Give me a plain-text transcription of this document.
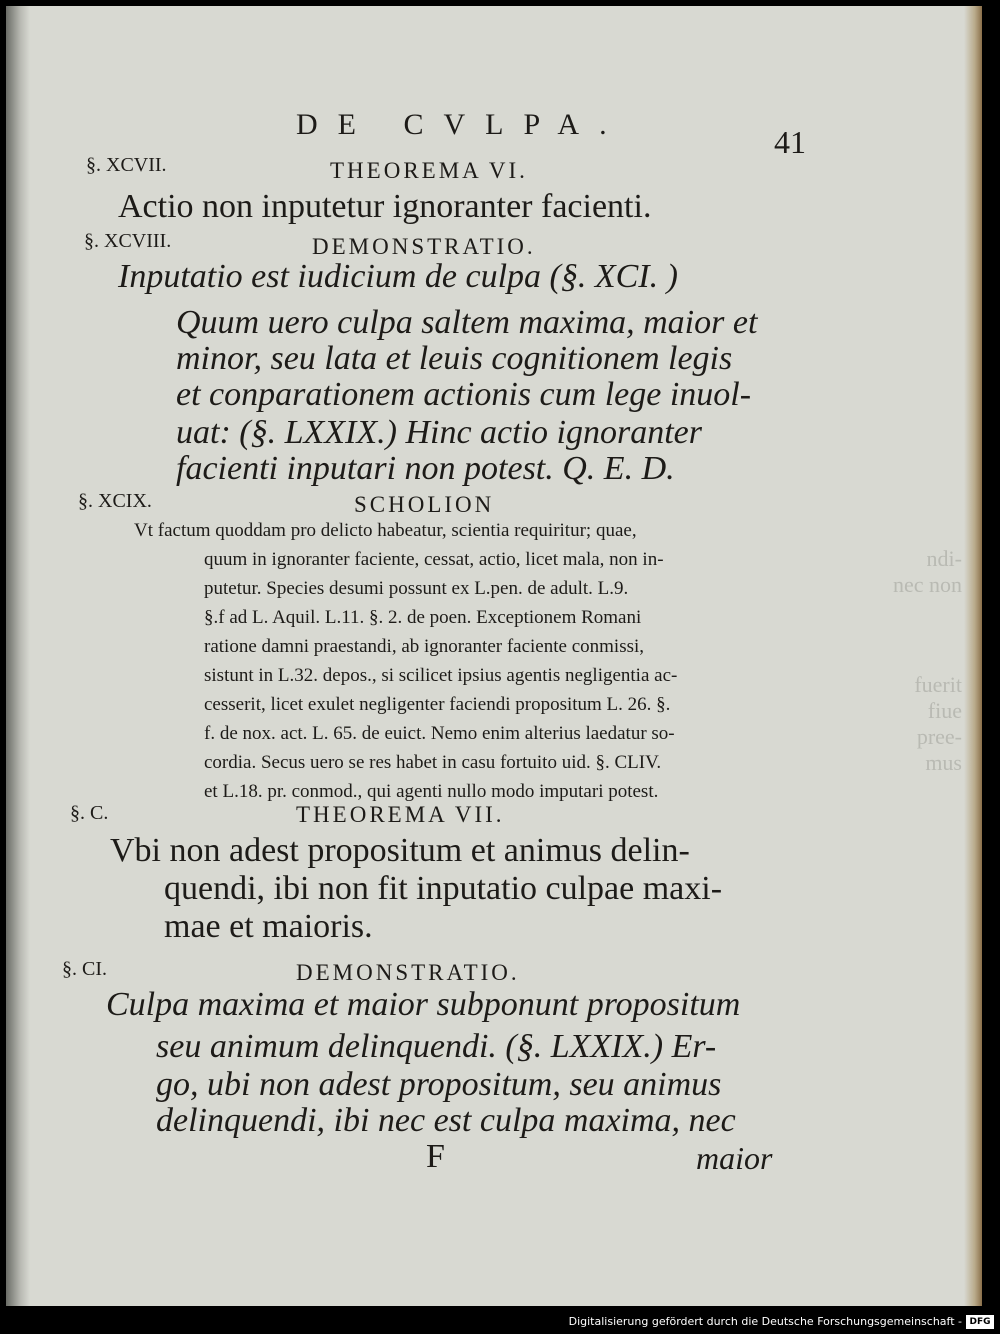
ndi-
nec non
fuerit
fiue
pree-
mus
DE CVLPA.	41
§. XCVII.	THEOREMA VI.

Actio non inputetur ignoranter facienti.

§. XCVIII.	DEMONSTRATIO.

Inputatio est iudicium de culpa (§. XCI. )

Quum uero culpa saltem maxima, maior et

minor, seu lata et leuis cognitionem legis

et conparationem actionis cum lege inuol-

uat: (§. LXXIX.) Hinc actio ignoranter

facienti inputari non potest. Q. E. D.

§. XCIX.	SCHOLION
Vt factum quoddam pro delicto habeatur, scientia requiritur; quae,
quum in ignoranter faciente, cessat, actio, licet mala, non in-
putetur. Species desumi possunt ex L.pen. de adult. L.9.
§.f ad L. Aquil. L.11. §. 2. de poen. Exceptionem Romani
ratione damni praestandi, ab ignoranter faciente conmissi,
sistunt in L.32. depos., si scilicet ipsius agentis negligentia ac-
cesserit, licet exulet negligenter faciendi propositum L. 26. §.
f. de nox. act. L. 65. de euict. Nemo enim alterius laedatur so-
cordia. Secus uero se res habet in casu fortuito uid. §. CLIV.
et L.18. pr. conmod., qui agenti nullo modo imputari potest.
§. C.	THEOREMA VII.

Vbi non adest propositum et animus delin-

quendi, ibi non fit inputatio culpae maxi-

mae et maioris.

§. CI.	DEMONSTRATIO.

Culpa maxima et maior subponunt propositum

seu animum delinquendi. (§. LXXIX.) Er-

go, ubi non adest propositum, seu animus

delinquendi, ibi nec est culpa maxima, nec

F	maior
Digitalisierung gefördert durch die Deutsche Forschungsgemeinschaft - DFG
